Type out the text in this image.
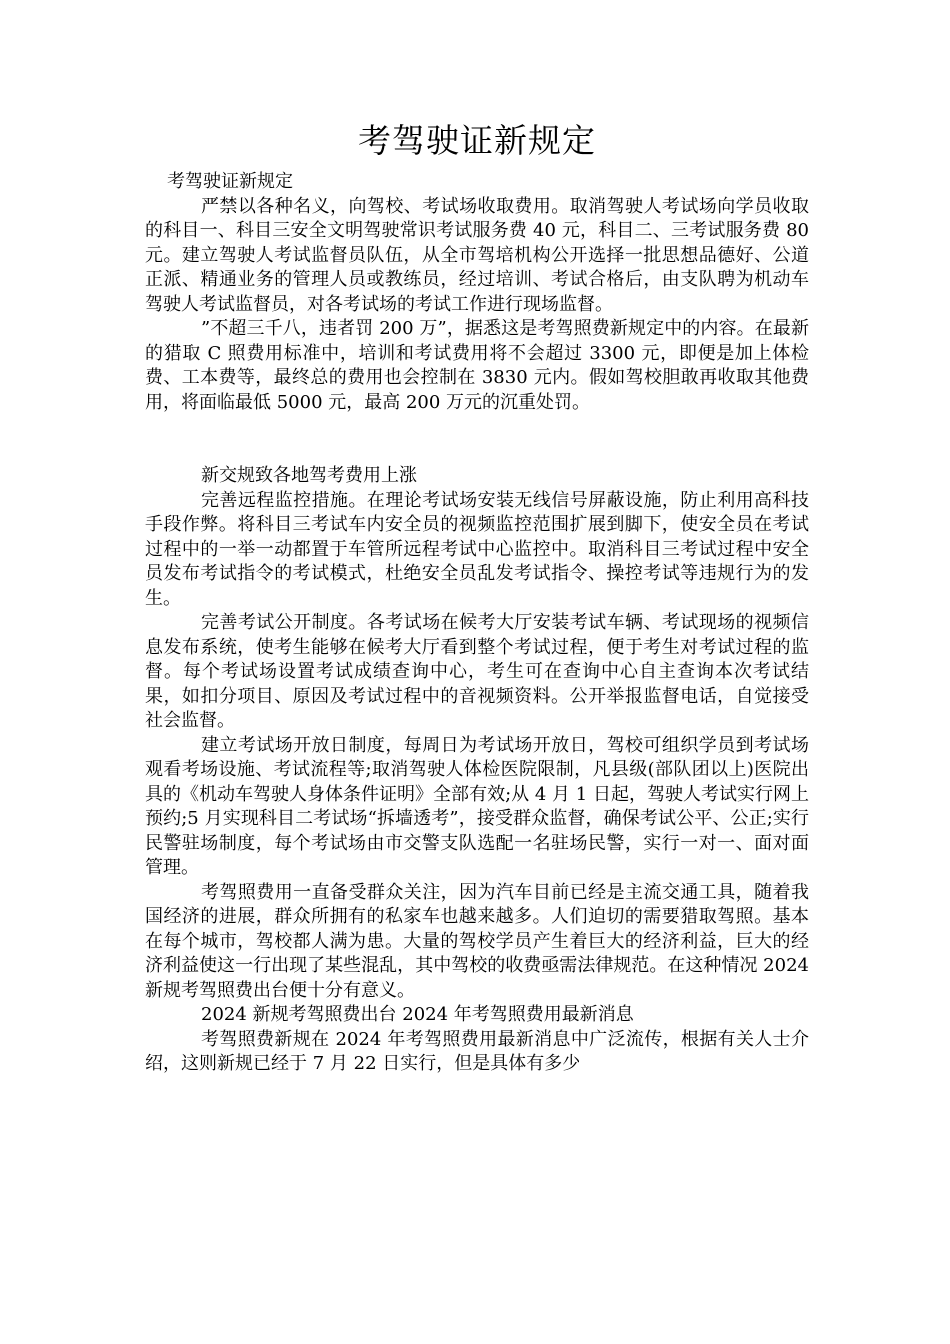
考驾驶证新规定

考驾驶证新规定

严禁以各种名义，向驾校、考试场收取费用。取消驾驶人考试场向学员收取的科目一、科目三安全文明驾驶常识考试服务费 40 元，科目二、三考试服务费 80 元。建立驾驶人考试监督员队伍，从全市驾培机构公开选择一批思想品德好、公道正派、精通业务的管理人员或教练员，经过培训、考试合格后，由支队聘为机动车驾驶人考试监督员，对各考试场的考试工作进行现场监督。

”不超三千八，违者罚 200 万”，据悉这是考驾照费新规定中的内容。在最新的猎取 C 照费用标准中，培训和考试费用将不会超过 3300 元，即便是加上体检费、工本费等，最终总的费用也会控制在 3830 元内。假如驾校胆敢再收取其他费用，将面临最低 5000 元，最高 200 万元的沉重处罚。

新交规致各地驾考费用上涨

完善远程监控措施。在理论考试场安装无线信号屏蔽设施，防止利用高科技手段作弊。将科目三考试车内安全员的视频监控范围扩展到脚下，使安全员在考试过程中的一举一动都置于车管所远程考试中心监控中。取消科目三考试过程中安全员发布考试指令的考试模式，杜绝安全员乱发考试指令、操控考试等违规行为的发生。

完善考试公开制度。各考试场在候考大厅安装考试车辆、考试现场的视频信息发布系统，使考生能够在候考大厅看到整个考试过程，便于考生对考试过程的监督。每个考试场设置考试成绩查询中心，考生可在查询中心自主查询本次考试结果，如扣分项目、原因及考试过程中的音视频资料。公开举报监督电话，自觉接受社会监督。

建立考试场开放日制度，每周日为考试场开放日，驾校可组织学员到考试场观看考场设施、考试流程等;取消驾驶人体检医院限制，凡县级(部队团以上)医院出具的《机动车驾驶人身体条件证明》全部有效;从 4 月 1 日起，驾驶人考试实行网上预约;5 月实现科目二考试场“拆墙透考”，接受群众监督，确保考试公平、公正;实行民警驻场制度，每个考试场由市交警支队选配一名驻场民警，实行一对一、面对面管理。

考驾照费用一直备受群众关注，因为汽车目前已经是主流交通工具，随着我国经济的进展，群众所拥有的私家车也越来越多。人们迫切的需要猎取驾照。基本在每个城市，驾校都人满为患。大量的驾校学员产生着巨大的经济利益，巨大的经济利益使这一行出现了某些混乱，其中驾校的收费亟需法律规范。在这种情况 2024 新规考驾照费出台便十分有意义。

2024 新规考驾照费出台 2024 年考驾照费用最新消息

考驾照费新规在 2024 年考驾照费用最新消息中广泛流传，根据有关人士介绍，这则新规已经于 7 月 22 日实行，但是具体有多少
